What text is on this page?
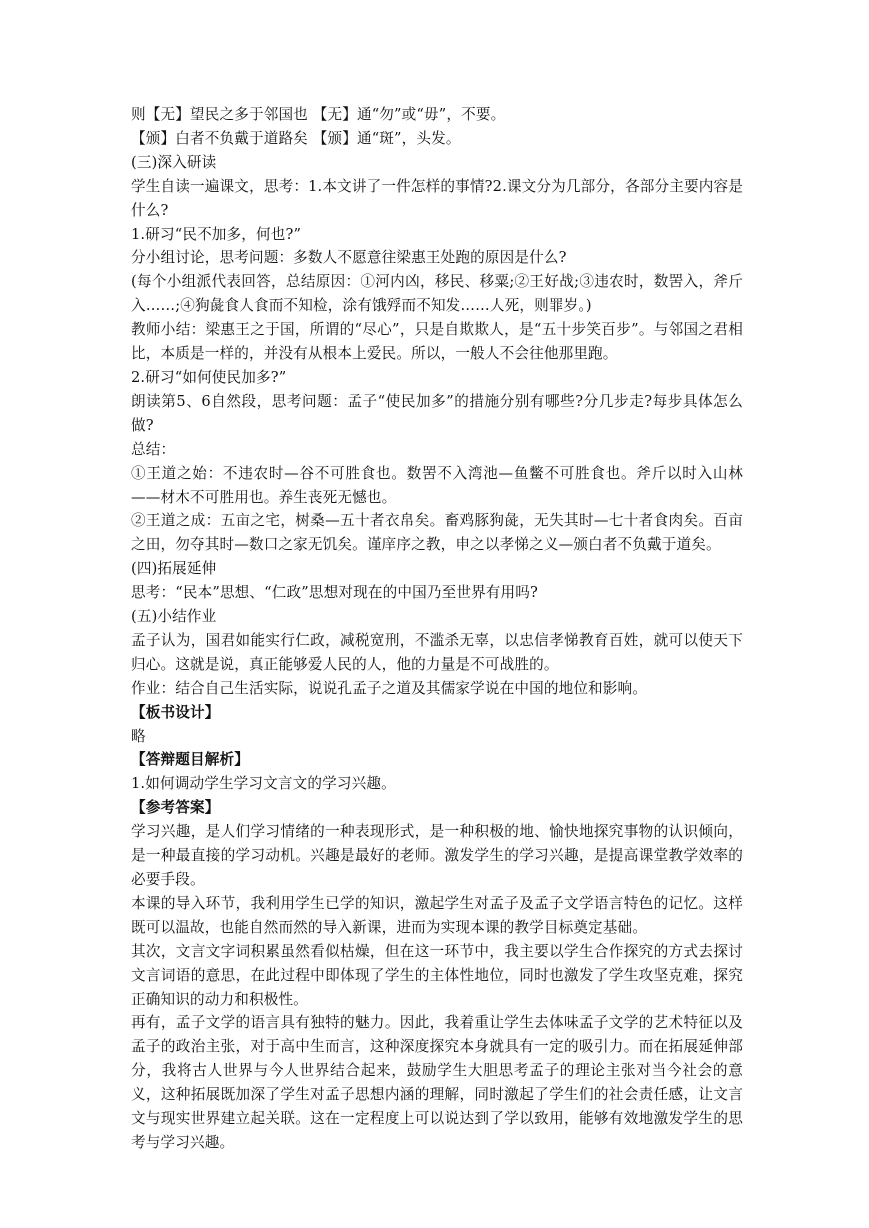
则【无】望民之多于邻国也 【无】通“勿”或“毋”，不要。

【颁】白者不负戴于道路矣 【颁】通“斑”，头发。

(三)深入研读

学生自读一遍课文，思考：1.本文讲了一件怎样的事情?2.课文分为几部分，各部分主要内容是什么?

1.研习“民不加多，何也?”

分小组讨论，思考问题：多数人不愿意往梁惠王处跑的原因是什么?

(每个小组派代表回答，总结原因：①河内凶，移民、移粟;②王好战;③违农时，数罟入，斧斤入……;④狗彘食人食而不知检，涂有饿殍而不知发……人死，则罪岁。)

教师小结：梁惠王之于国，所谓的“尽心”，只是自欺欺人，是“五十步笑百步”。与邻国之君相比，本质是一样的，并没有从根本上爱民。所以，一般人不会往他那里跑。

2.研习“如何使民加多?”

朗读第5、6自然段，思考问题：孟子“使民加多”的措施分别有哪些?分几步走?每步具体怎么做?

总结：

①王道之始：不违农时—谷不可胜食也。数罟不入湾池—鱼鳖不可胜食也。斧斤以时入山林——材木不可胜用也。养生丧死无憾也。

②王道之成：五亩之宅，树桑—五十者衣帛矣。畜鸡豚狗彘，无失其时—七十者食肉矣。百亩之田，勿夺其时—数口之家无饥矣。谨庠序之教，申之以孝悌之义—颁白者不负戴于道矣。

(四)拓展延伸

思考：“民本”思想、“仁政”思想对现在的中国乃至世界有用吗?

(五)小结作业

孟子认为，国君如能实行仁政，减税宽刑，不滥杀无辜，以忠信孝悌教育百姓，就可以使天下归心。这就是说，真正能够爱人民的人，他的力量是不可战胜的。

作业：结合自己生活实际，说说孔孟子之道及其儒家学说在中国的地位和影响。

【板书设计】

略

【答辩题目解析】

1.如何调动学生学习文言文的学习兴趣。

【参考答案】

学习兴趣，是人们学习情绪的一种表现形式，是一种积极的地、愉快地探究事物的认识倾向，是一种最直接的学习动机。兴趣是最好的老师。激发学生的学习兴趣，是提高课堂教学效率的必要手段。

本课的导入环节，我利用学生已学的知识，激起学生对孟子及孟子文学语言特色的记忆。这样既可以温故，也能自然而然的导入新课，进而为实现本课的教学目标奠定基础。

其次，文言文字词积累虽然看似枯燥，但在这一环节中，我主要以学生合作探究的方式去探讨文言词语的意思，在此过程中即体现了学生的主体性地位，同时也激发了学生攻坚克难，探究正确知识的动力和积极性。

再有，孟子文学的语言具有独特的魅力。因此，我着重让学生去体味孟子文学的艺术特征以及孟子的政治主张，对于高中生而言，这种深度探究本身就具有一定的吸引力。而在拓展延伸部分，我将古人世界与今人世界结合起来，鼓励学生大胆思考孟子的理论主张对当今社会的意义，这种拓展既加深了学生对孟子思想内涵的理解，同时激起了学生们的社会责任感，让文言文与现实世界建立起关联。这在一定程度上可以说达到了学以致用，能够有效地激发学生的思考与学习兴趣。
